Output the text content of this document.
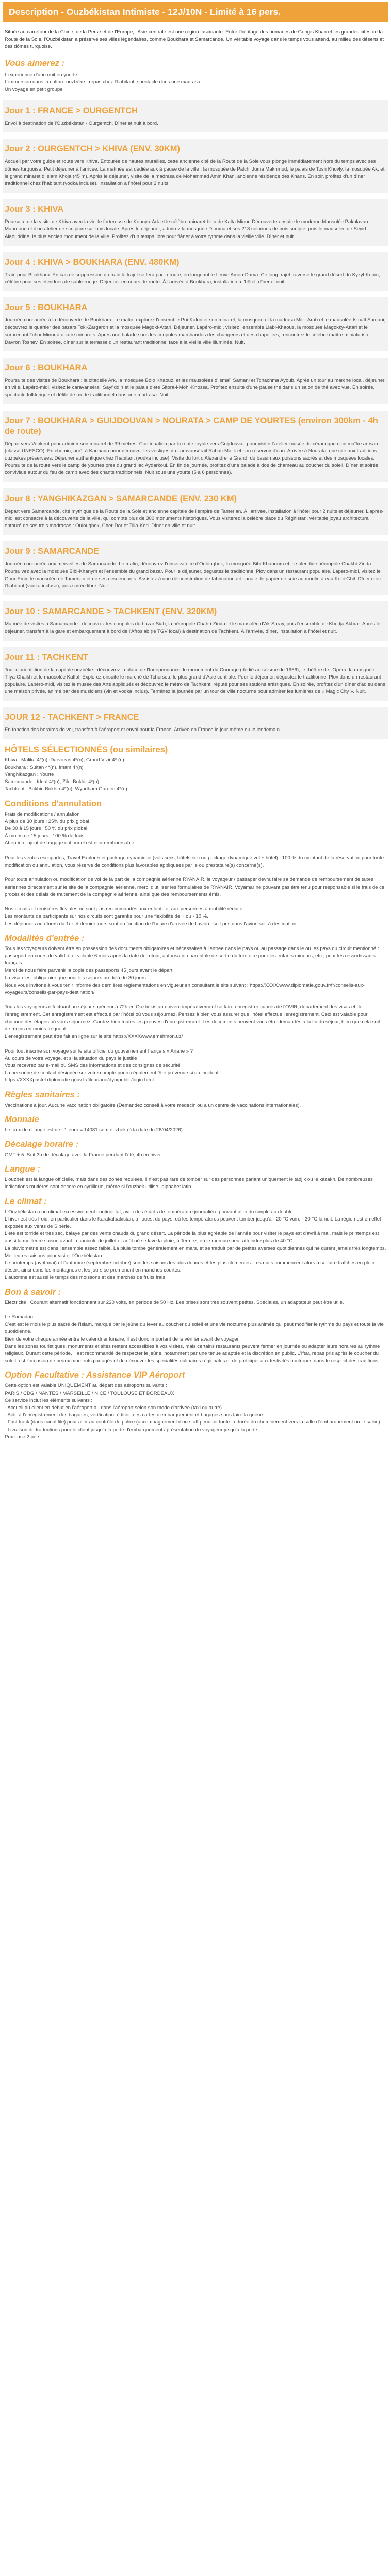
Description - Ouzbékistan Intimiste - 12J/10N - Limité à 16 pers.
Située au carrefour de la Chine, de la Perse et de l'Europe, l'Asie centrale est une région fascinante. Entre l'héritage des nomades de Gengis Khan et les grandes cités de la Route de la Soie, l'Ouzbékistan a préservé ses villes légendaires, comme Boukhara et Samarcande. Un véritable voyage dans le temps vous attend, au milieu des déserts et des dômes turquoise.
Vous aimerez :
L'expérience d'une nuit en yourte
L'immersion dans la culture ouzbèke : repas chez l'habitant, spectacle dans une madrasa
Un voyage en petit groupe
Jour 1 : FRANCE > OURGENTCH
Envol à destination de l'Ouzbékistan - Ourgentch. Dîner et nuit à bord.
Jour 2 : OURGENTCH > KHIVA (ENV. 30KM)
Accueil par votre guide et route vers Khiva. Entourée de hautes murailles, cette ancienne cité de la Route de la Soie vous plonge immédiatement hors du temps avec ses dômes turquoise. Petit déjeuner à l'arrivée. La matinée est dédiée aux à pause de la ville : la mosquée de Palchi Juma Makhmud, le palais de Tosh Khovly, la mosquée Ak, et le grand minaret d'Islam Khoja (45 m). Après le déjeuner, visite de la madrasa de Mohammad Amin Khan, ancienne résidence des Khans. En soir, profitez d'un dîner traditionnel chez l'habitant (vodka incluse). Installation à l'hôtel pour 2 nuits.
Jour 3 : KHIVA
Poursuite de la visite de Khiva avec la vieille forteresse de Kounya-Ark et le célèbre minaret bleu de Kalta Minor. Découverte ensuite le moderne Mausolée Pakhlavan Mahmoud et d'un atelier de sculpture sur bois locale. Après le déjeuner, admirez la mosquée Djouma et ses 218 colonnes de bois sculpté, puis le mausolée de Seyid Alaouddine, le plus ancien monument de la ville. Profitez d'un temps libre pour flâner à votre rythme dans la vieille ville. Dîner et nuit.
Jour 4 : KHIVA > BOUKHARA (ENV. 480KM)
Train pour Boukhara. En cas de suppression du train le trajet se fera par la route, en longeant le fleuve Amou-Darya. Ce long trajet traverse le grand désert du Kyzyl-Koum, célèbre pour ses étendues de sable rouge. Déjeuner en cours de route. À l'arrivée à Boukhara, installation à l'hôtel, dîner et nuit.
Jour 5 : BOUKHARA
Journée consacrée à la découverte de Boukhara. Le matin, explorez l'ensemble Poi-Kalon et son minaret, la mosquée et la madrasa Mir-i-Arab et le mausolée Ismaïl Samani, découvrez le quartier des bazars Toki-Zargaron et la mosquée Magoki-Attari. Déjeuner. Lapéro-midi, visitez l'ensemble Liabi-Khaouz, la mosquée Magokky-Attari et le surprenant Tchor Minor à quatre minarets. Après une balade sous les coupoles marchandes des changeurs et des chapeliers, rencontrez le célèbre maître miniaturiste Davron Toshev. En soirée, dîner sur la terrasse d'un restaurant traditionnel face à la vieille ville illuminée. Nuit.
Jour 6 : BOUKHARA
Poursuite des visites de Boukhara : la citadelle Ark, la mosquée Bolo Khaouz, et les mausolées d'Ismaïl Samani et Tchachma Ayoub. Après un tour au marché local, déjeuner en ville. Lapéro-midi, visitez le caravansérail Sayfiddin et le palais d'été Sitora-i-Mohi-Khossa. Profitez ensuite d'une pause thé dans un salon de thé avec vue. En soirée, spectacle folklorique et défilé de mode traditionnel dans une madrasa. Nuit.
Jour 7 : BOUKHARA > GUIJDOUVAN > NOURATA > CAMP DE YOURTES (environ 300km - 4h de route)
Départ vers Vobkent pour admirer son minaret de 39 mètres. Continuation par la route royale vers Guijdouvan pour visiter l'atelier-musée de céramique d'un maître artisan (classé UNESCO). En chemin, arrêt à Karmana pour découvrir les vestiges du caravansérail Rabati-Malik et son réservoir d'eau. Arrivée à Nourata, une cité aux traditions ouzbèkes préservées. Déjeuner authentique chez l'habitant (vodka incluse). Visite du fort d'Alexandre le Grand, du bassin aux poissons sacrés et des mosquées locales. Poursuite de la route vers le camp de yourtes près du grand lac Aydarkoul. En fin de journée, profitez d'une balade à dos de chameau au coucher du soleil. Dîner et soirée conviviale autour du feu de camp avec des chants traditionnels. Nuit sous une yourte (5 à 6 personnes).
Jour 8 : YANGHIKAZGAN > SAMARCANDE (ENV. 230 KM)
Départ vers Samarcande, cité mythique de la Route de la Soie et ancienne capitale de l'empire de Tamerlan. À l'arrivée, installation à l'hôtel pour 2 nuits et déjeuner. L'après-midi est consacré à la découverte de la ville, qui compte plus de 300 monuments historiques. Vous visiterez la célèbre place du Réghistan, véritable joyau architectural entouré de ses trois madrasas : Oulougbek, Cher-Dor et Tilla-Kori. Dîner en ville et nuit.
Jour 9 : SAMARCANDE
Journée consacrée aux merveilles de Samarcande. Le matin, découvrez l'observatoire d'Oulougbek, la mosquée Bibi-Khanoum et la splendide nécropole Chakhi-Zinda. Poursuivez avec la mosquée Bibi-Khanym et l'ensemble du grand bazar. Pour le déjeuner, dégustez le traditionnel Plov dans un restaurant populaire. Lapéro-midi, visitez le Gour-Emir, le mausolée de Tamerlan et de ses descendants. Assistez à une démonstration de fabrication artisanale de papier de soie au moulin à eau Koni-Ghil. Dîner chez l'habitant (vodka incluse), puis soirée libre. Nuit.
Jour 10 : SAMARCANDE > TACHKENT (ENV. 320KM)
Matinée de visites à Samarcande : découvrez les coupoles du bazar Siab, la nécropole Chah-i-Zinda et le mausolée d'Ak-Saray, puis l'ensemble de Khodja Akhrar. Après le déjeuner, transfert à la gare et embarquement à bord de l'Afrosiab (le TGV local) à destination de Tachkent. À l'arrivée, dîner, installation à l'hôtel et nuit.
Jour 11 : TACHKENT
Tour d'orientation de la capitale ouzbèke : découvrez la place de l'Indépendance, le monument du Courage (dédié au séisme de 1966), le théâtre de l'Opéra, la mosquée Tilya-Chaikh et le mausolée Kaffal. Explorez ensuite le marché de Tchorsou, le plus grand d'Asie centrale. Pour le déjeuner, dégustez le traditionnel Plov dans un restaurant populaire. Lapéro-midi, visitez le musée des Arts appliqués et découvrez le métro de Tachkent, réputé pour ses stations artistiques. En soirée, profitez d'un dîner d'adieu dans une maison privée, animé par des musiciens (vin et vodka inclus). Terminez la journée par un tour de ville nocturne pour admirer les lumières de « Magic City ». Nuit.
JOUR 12 - TACHKENT > FRANCE
En fonction des horaires de vol, transfert à l'aéroport et envol pour la France. Arrivée en France le jour même ou le lendemain.
HÔTELS SÉLECTIONNÉS (ou similaires)
Khiva : Malika 4*(n), Darvozas 4*(n), Grand Vizir 4* (n).
Boukhara : Sultan 4*(n), Imam 4*(n)
Yanghikazgan : Yourte
Samarcande : Ideal 4*(n), Zilol Bukhir 4*(n)
Tachkent : Bukhin Bukhin 4*(n), Wyndham Garden 4*(n)
Conditions d'annulation
Frais de modifications / annulation :
À plus de 30 jours : 25% du prix global
De 30 à 15 jours : 50 % du prix global
À moins de 15 jours : 100 % de frais.
Attention l'ajout de bagage optionnel est non-remboursable.
Pour les ventes escapades, Travel Explorer et package dynamique (vols secs, hôtels sec ou package dynamique vol + hôtel) : 100 % du montant de la réservation pour toute modification ou annulation, vous réserve de conditions plus favorables appliquées par le ou prestataire(s) concerné(s).
Pour toute annulation ou modification de vol de la part de la compagnie aérienne RYANAIR, le voyageur / passager devra faire sa demande de remboursement de taxes aériennes directement sur le site de la compagnie aérienne, merci d'utiliser les formulaires de RYANAIR. Voyamar ne pouvant pas être tenu pour responsable si le frais de ce procès et des délais de traitement de la compagnie aérienne, ainsi que des remboursements émis.
Nos circuits et croisières fluviales ne sont pas recommandés aux enfants et aux personnes à mobilité réduite.
Les montants de participants sur nos circuits sont garantis pour une flexibilité de + ou - 10 %.
Les déjeuners ou dîners du 1er et dernier jours sont en fonction de l'heure d'arrivée de l'avion : soit pris dans l'avion soit à destination.
Modalités d'entrée :
Tous les voyageurs doivent être en possession des documents obligatoires et nécessaires à l'entrée dans le pays ou au passage dans le ou les pays du circuit mentionné : passeport en cours de validité et valable 6 mois après la date de retour, autorisation parentale de sortie du territoire pour les enfants mineurs, etc., pour les ressortissants français.
Merci de nous faire parvenir la copie des passeports 45 jours avant le départ.
La visa n'est obligatoire que pour les séjours au-delà de 30 jours.
Nous vous invitons à vous tenir informé des dernières réglementations en vigueur en consultant le site suivant : https://XXXX.www.diplomatie.gouv.fr/fr/conseils-aux-voyageurs/conseils-par-pays-destination/
Tous les voyageurs effectuant un séjour supérieur à 72h en Ouzbékistan doivent impérativement se faire enregistrer auprès de l'OVIR, département des visas et de l'enregistrement. Cet enregistrement est effectué par l'hôtel où vous séjournez. Pensez à bien vous assurer que l'hôtel effectue l'enregistrement. Ceci est valable pour chacune des étapes où vous séjournez. Gardez bien toutes les preuves d'enregistrement. Les documents peuvent vous être demandés à la fin du séjour, bien que cela soit de moins en moins fréquent.
L'enregistrement peut être fait en ligne sur le site https://XXXXwww.emehmon.uz/
Pour tout inscrire son voyage sur le site officiel du gouvernement français « Ariane » ?
Au cours de votre voyage, et si la situation du pays le justifie :
Vous recevrez par e-mail ou SMS des informations et des consignes de sécurité.
La personne de contact désignée sur votre compte pourra également être prévenue si un incident.
https://XXXXpastel.diplomatie.gouv.fr/fildariane/dyn/public/login.html
Règles sanitaires :
Vaccinations à jour. Aucune vaccination obligatoire (Demandez conseil à votre médecin ou à un centre de vaccinations internationales).
Monnaie
Le taux de change est de : 1 euro = 14081 som ouzbek (à la date du 26/04/2026).
Décalage horaire :
GMT + 5. Soit 3h de décalage avec la France pendant l'été, 4h en hiver.
Langue :
L'ouzbek est la langue officielle, mais dans des zones reculées, il n'est pas rare de tomber sur des personnes parlant uniquement le tadjik ou le kazakh. De nombreuses indications routières sont encore en cyrillique, même si l'ouzbek utilise l'alphabet latin.
Le climat :
L'Ouzbékistan a un climat excessivement continental, avec des écarts de température journalière pouvant aller du simple au double.
L'hiver est très froid, en particulier dans le Karakalpakistan, à l'ouest du pays, où les températures peuvent tomber jusqu'à - 20 °C voire - 30 °C la nuit. La région est en effet exposée aux vents de Sibérie.
L'été est torride et très sec, balayé par des vents chauds du grand désert. La période la plus agréable de l'année pour visiter le pays est d'avril à mai, mais le printemps est aussi la meilleure saison avant la canicule de juillet et août où se lave la pluie, à Termez, où le mercure peut atteindre plus de 40 °C.
La pluviométrie est dans l'ensemble assez faible. La pluie tombe généralement en mars, et se traduit par de petites averses quotidiennes qui ne durent jamais très longtemps.
Meilleures saisons pour visiter l'Ouzbékistan :
Le printemps (avril-mai) et l'automne (septembre-octobre) sont les saisons les plus douces et les plus clémentes. Les nuits commencent alors à se faire fraîches en plein désert, ainsi dans les montagnes et les jours se promènent en manches courtes.
L'automne est aussi le temps des moissons et des marchés de fruits frais.
Bon à savoir :
Électricité : Courant alternatif fonctionnant sur 220 volts, en période de 50 Hz. Les prises sont très souvent petites. Spéciales, un adaptateur peut être utile.
Le Ramadan :
C'est est le mois le plus sacré de l'islam, marqué par le jeûne du lever au coucher du soleil et une vie nocturne plus animée qui peut modifier le rythme du pays et toute la vie quotidienne.
Bien de votre cheque armée entre le calendrier lunaire, il est donc important de le vérifier avant de voyager.
Dans les zones touristiques, monuments et sites restent accessibles à vos visites, mais certains restaurants peuvent fermer en journée ou adapter leurs horaires au rythme religieux. Durant cette période, il est recommandé de respecter le jeûne, notamment par une tenue adaptée et la discrétion en public. L'Iftar, repas pris après le coucher du soleil, est l'occasion de beaux moments partagés et de découvrir les spécialités culinaires régionales et de participer aux festivités nocturnes dans le respect des traditions.
Option Facultative : Assistance VIP Aéroport
Cette option est valable UNIQUEMENT au départ des aéroports suivants :
PARIS / CDG / NANTES / MARSEILLE / NICE / TOULOUSE ET BORDEAUX
Ce service inclut les éléments suivants :
- Accueil du client en début en l'aéroport au dans l'aéroport selon son mode d'arrivée (taxi ou autre)
- Aide à l'enregistrement des bagages, vérification, édition des cartes d'embarquement et bagages sans faire la queue
- Fast track (dans canal file) pour aller au contrôle de police (accompagnement d'un staff pendant toute la durée du cheminement vers la salle d'embarquement ou le salon)
- Livraison de traductions pour le client jusqu'à la porte d'embarquement / présentation du voyageur jusqu'à la porte
Prix base 2 pers
